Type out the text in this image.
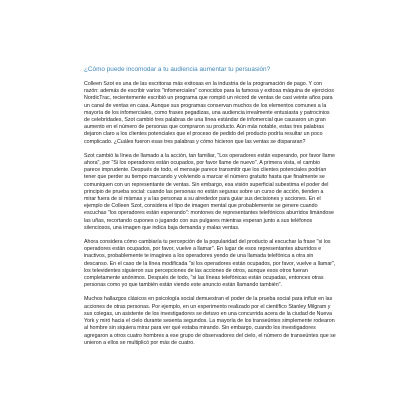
¿Cómo puede incomodar a tu audiencia aumentar tu persuasión?

Colleen Szot es una de las escritoras más exitosas en la industria de la programación de pago. Y con razón: además de escribir varios "infomerciales" conocidos para la famosa y exitosa máquina de ejercicios NordicTrac, recientemente escribió un programa que rompió un récord de ventas de casi veinte años para un canal de ventas en casa. Aunque sus programas conservan muchos de los elementos comunes a la mayoría de los infomerciales, como frases pegadizas, una audiencia irrealmente entusiasta y patrocinios de celebridades, Szot cambió tres palabras de una línea estándar de infomercial que causaron un gran aumento en el número de personas que compraron su producto. Aún más notable, estas tres palabras dejaron claro a los clientes potenciales que el proceso de pedido del producto podría resultar un poco complicado. ¿Cuáles fueron esas tres palabras y cómo hicieron que las ventas se dispararan?

Szot cambió la línea de llamado a la acción, tan familiar, "Los operadores están esperando, por favor llame ahora", por "Si los operadores están ocupados, por favor llame de nuevo". A primera vista, el cambio parece imprudente. Después de todo, el mensaje parece transmitir que los clientes potenciales podrían tener que perder su tiempo marcando y volviendo a marcar el número gratuito hasta que finalmente se comuniquen con un representante de ventas. Sin embargo, esa visión superficial subestima el poder del principio de prueba social: cuando las personas no están seguras sobre un curso de acción, tienden a mirar fuera de sí mismas y a las personas a su alrededor para guiar sus decisiones y acciones. En el ejemplo de Colleen Szot, considera el tipo de imagen mental que probablemente se genere cuando escuchas "los operadores están esperando": montones de representantes telefónicos aburridos limándose las uñas, recortando cupones o jugando con sus pulgares mientras esperan junto a sus teléfonos silenciosos, una imagen que indica baja demanda y malas ventas.

Ahora considera cómo cambiaría tu percepción de la popularidad del producto al escuchar la frase "si los operadores están ocupados, por favor, vuelve a llamar". En lugar de esos representantes aburridos e inactivos, probablemente te imagines a los operadores yendo de una llamada telefónica a otra sin descanso. En el caso de la línea modificada "si los operadores están ocupados, por favor, vuelve a llamar", los televidentes siguieron sus percepciones de las acciones de otros, aunque esos otros fueran completamente anónimos. Después de todo, "si las líneas telefónicas están ocupadas, entonces otras personas como yo que también están viendo este anuncio están llamando también".

Muchos hallazgos clásicos en psicología social demuestran el poder de la prueba social para influir en las acciones de otras personas. Por ejemplo, en un experimento realizado por el científico Stanley Milgram y sus colegas, un asistente de los investigadores se detuvo en una concurrida acera de la ciudad de Nueva York y miró hacia el cielo durante sesenta segundos. La mayoría de los transeúntes simplemente rodearon al hombre sin siquiera mirar para ver qué estaba mirando. Sin embargo, cuando los investigadores agregaron a otros cuatro hombres a ese grupo de observadores del cielo, el número de transeúntes que se unieron a ellos se multiplicó por más de cuatro.
